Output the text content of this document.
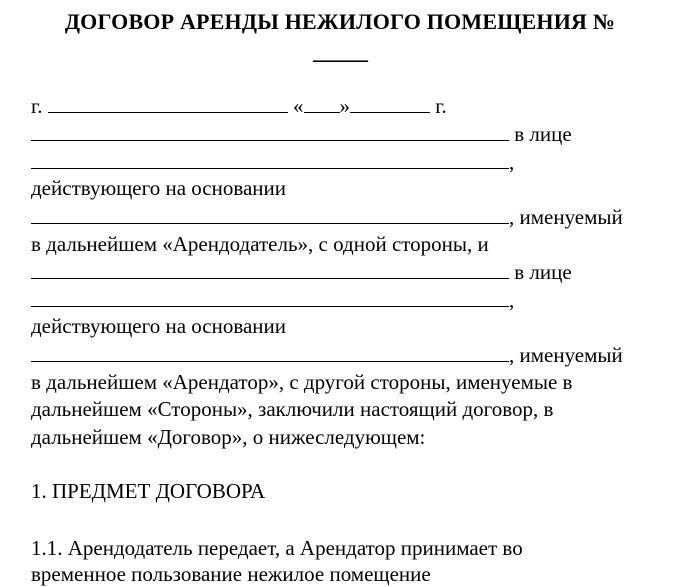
ДОГОВОР АРЕНДЫ НЕЖИЛОГО ПОМЕЩЕНИЯ №
_____
г.	« »	г.
в лице
,
действующего на основании
, именуемый
в дальнейшем «Арендодатель», с одной стороны, и
в лице
,
действующего на основании
, именуемый
в дальнейшем «Арендатор», с другой стороны, именуемые в
дальнейшем «Стороны», заключили настоящий договор, в
дальнейшем «Договор», о нижеследующем:
1. ПРЕДМЕТ ДОГОВОРА
1.1. Арендодатель передает, а Арендатор принимает во
временное пользование нежилое помещение
